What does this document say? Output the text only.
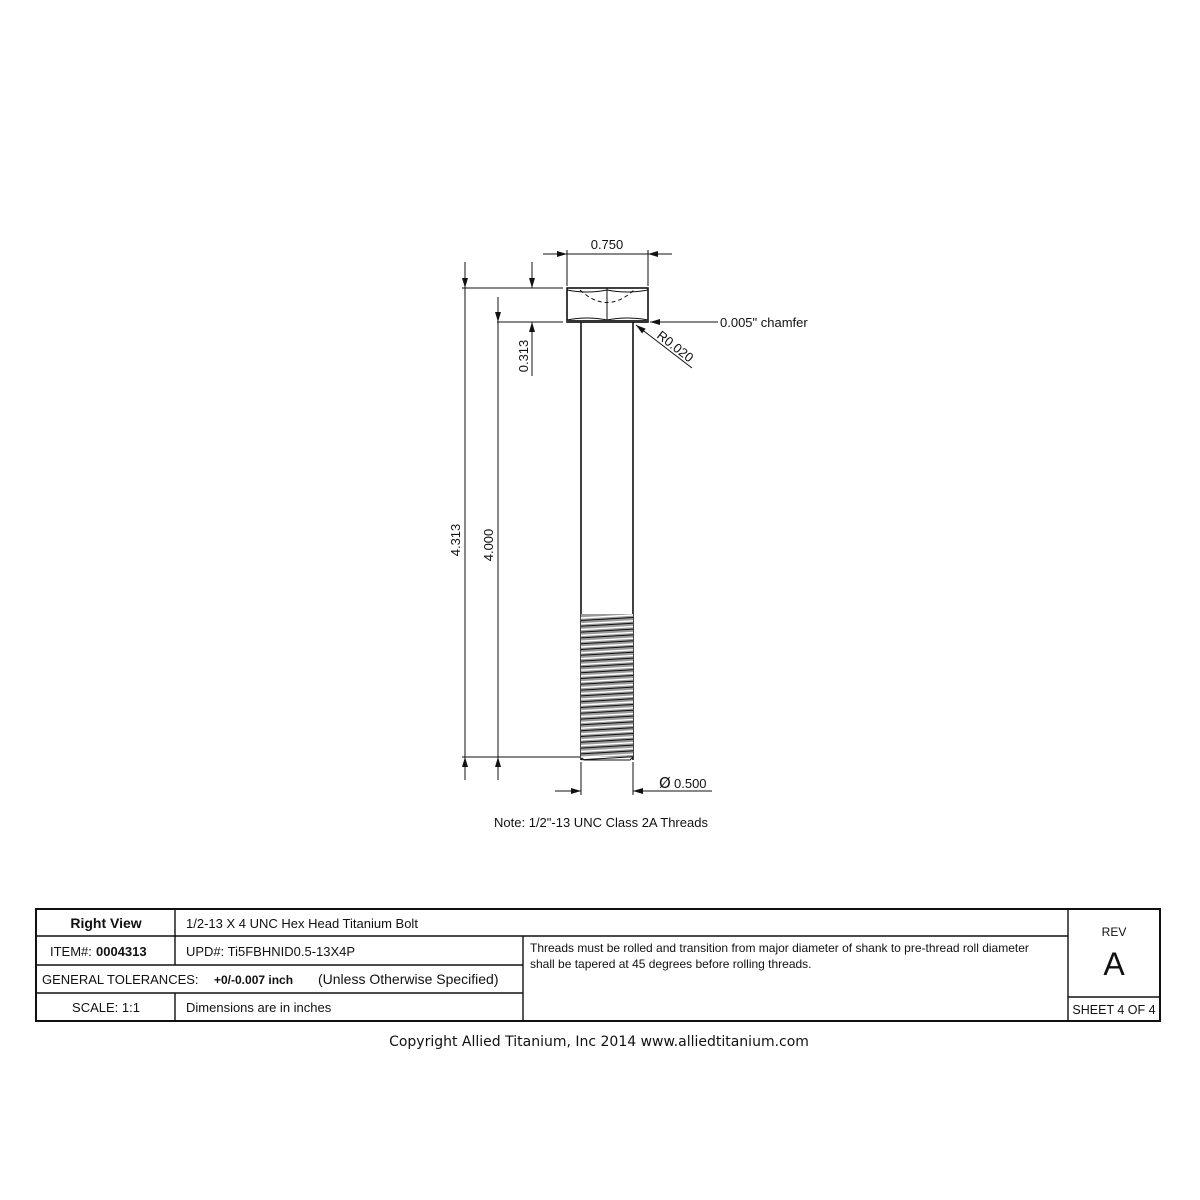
0.750
0.313
4.313 4.000
Ø 0.500
0.005" chamfer
R0.020
Note: 1/2"-13 UNC Class 2A Threads
Right View	1/2-13 X 4 UNC Hex Head Titanium Bolt
ITEM#: 0004313	UPD#: Ti5FBHNID0.5-13X4P
GENERAL TOLERANCES: +0/-0.007 inch (Unless Otherwise Specified)
SCALE: 1:1	Dimensions are in inches
Threads must be rolled and transition from major diameter of shank to pre-thread roll diameter
shall be tapered at 45 degrees before rolling threads.
REV
A
SHEET 4 OF 4
Copyright Allied Titanium, Inc 2014 www.alliedtitanium.com
